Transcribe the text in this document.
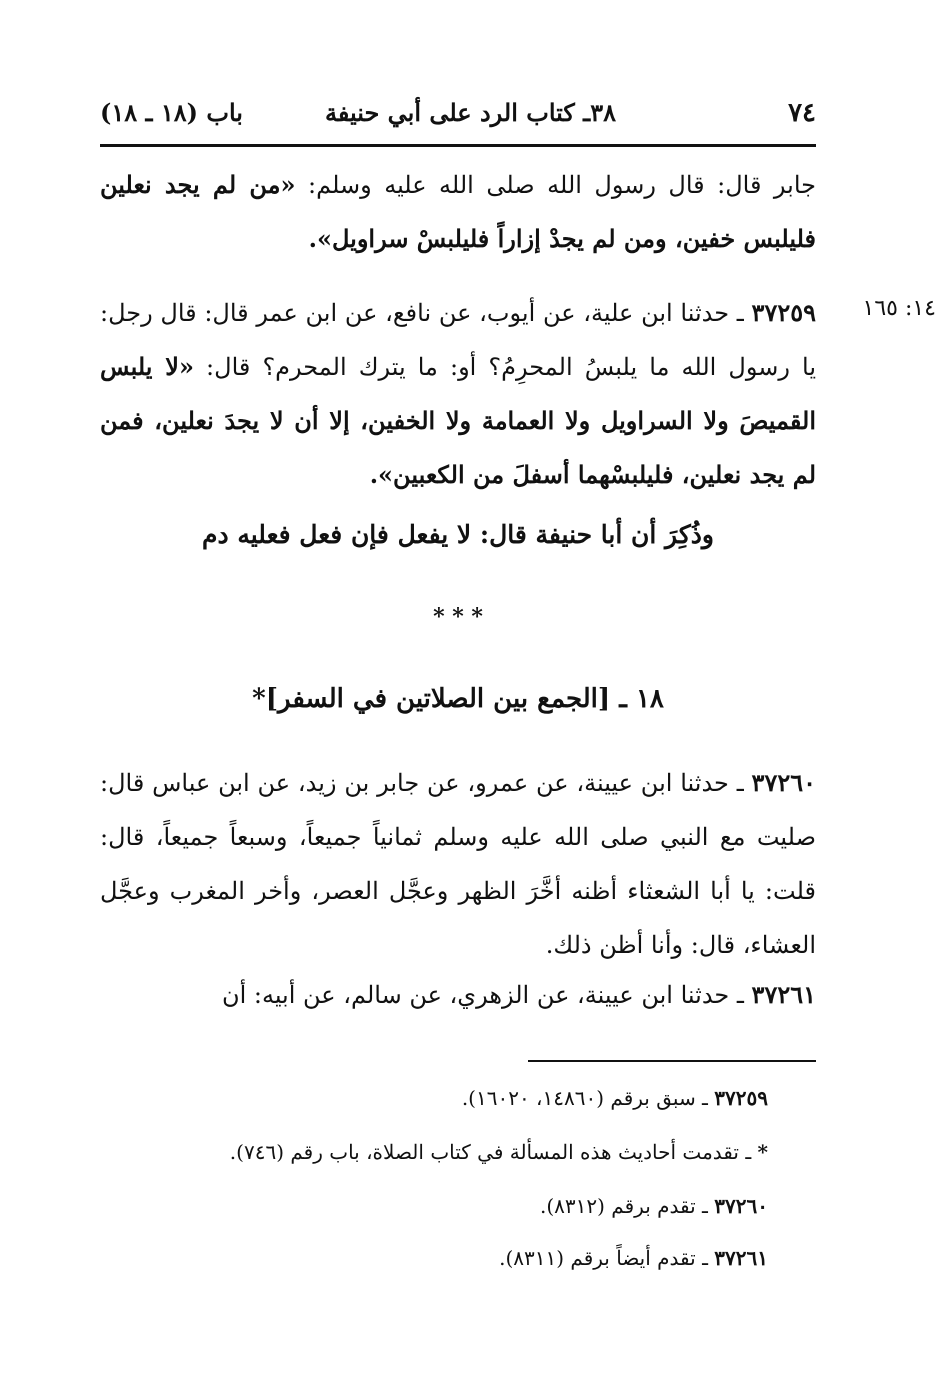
٧٤
٣٨ـ كتاب الرد على أبي حنيفة
باب (١٨ ـ ١٨)

جابر قال: قال رسول الله صلى الله عليه وسلم: «من لم يجد نعلين فليلبس خفين، ومن لم يجدْ إزاراً فليلبسْ سراويل».

١٤: ١٦٥

٣٧٢٥٩ ـ حدثنا ابن علية، عن أيوب، عن نافع، عن ابن عمر قال: قال رجل: يا رسول الله ما يلبسُ المحرِمُ؟ أو: ما يترك المحرم؟ قال: «لا يلبس القميصَ ولا السراويل ولا العمامة ولا الخفين، إلا أن لا يجدَ نعلين، فمن لم يجد نعلين، فليلبسْهما أسفلَ من الكعبين».

وذُكِرَ أن أبا حنيفة قال: لا يفعل فإن فعل فعليه دم
* * *
١٨ ـ [الجمع بين الصلاتين في السفر]*

٣٧٢٦٠ ـ حدثنا ابن عيينة، عن عمرو، عن جابر بن زيد، عن ابن عباس قال: صليت مع النبي صلى الله عليه وسلم ثمانياً جميعاً، وسبعاً جميعاً، قال: قلت: يا أبا الشعثاء أظنه أخَّرَ الظهر وعجَّل العصر، وأخر المغرب وعجَّل العشاء، قال: وأنا أظن ذلك.

٣٧٢٦١ ـ حدثنا ابن عيينة، عن الزهري، عن سالم، عن أبيه: أن

٣٧٢٥٩ ـ سبق برقم (١٤٨٦٠، ١٦٠٢٠).
* ـ تقدمت أحاديث هذه المسألة في كتاب الصلاة، باب رقم (٧٤٦).
٣٧٢٦٠ ـ تقدم برقم (٨٣١٢).
٣٧٢٦١ ـ تقدم أيضاً برقم (٨٣١١).
